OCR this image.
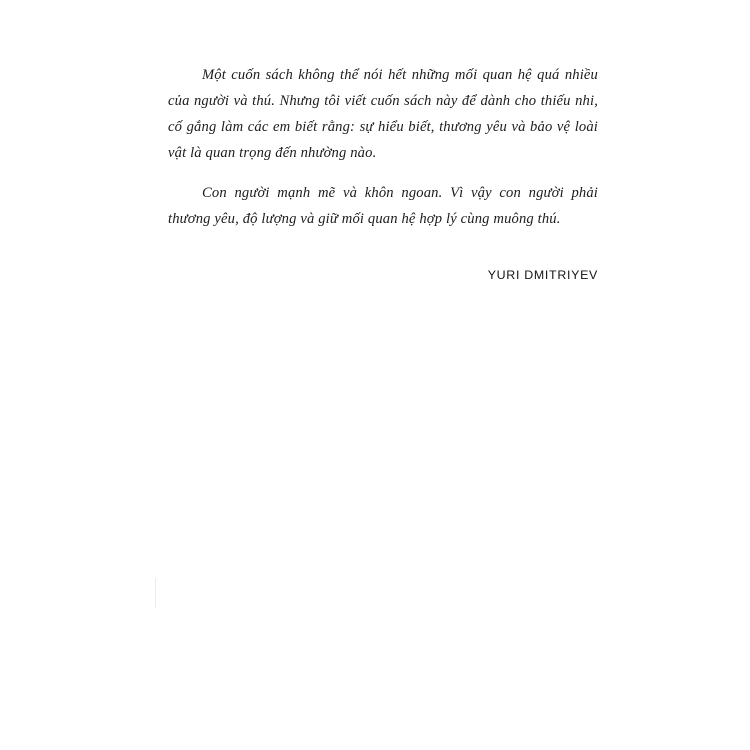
Một cuốn sách không thể nói hết những mối quan hệ quá nhiều của người và thú. Nhưng tôi viết cuốn sách này để dành cho thiếu nhi, cố gắng làm các em biết rằng: sự hiểu biết, thương yêu và bảo vệ loài vật là quan trọng đến nhường nào.

Con người mạnh mẽ và khôn ngoan. Vì vậy con người phải thương yêu, độ lượng và giữ mối quan hệ hợp lý cùng muông thú.

YURI DMITRIYEV
